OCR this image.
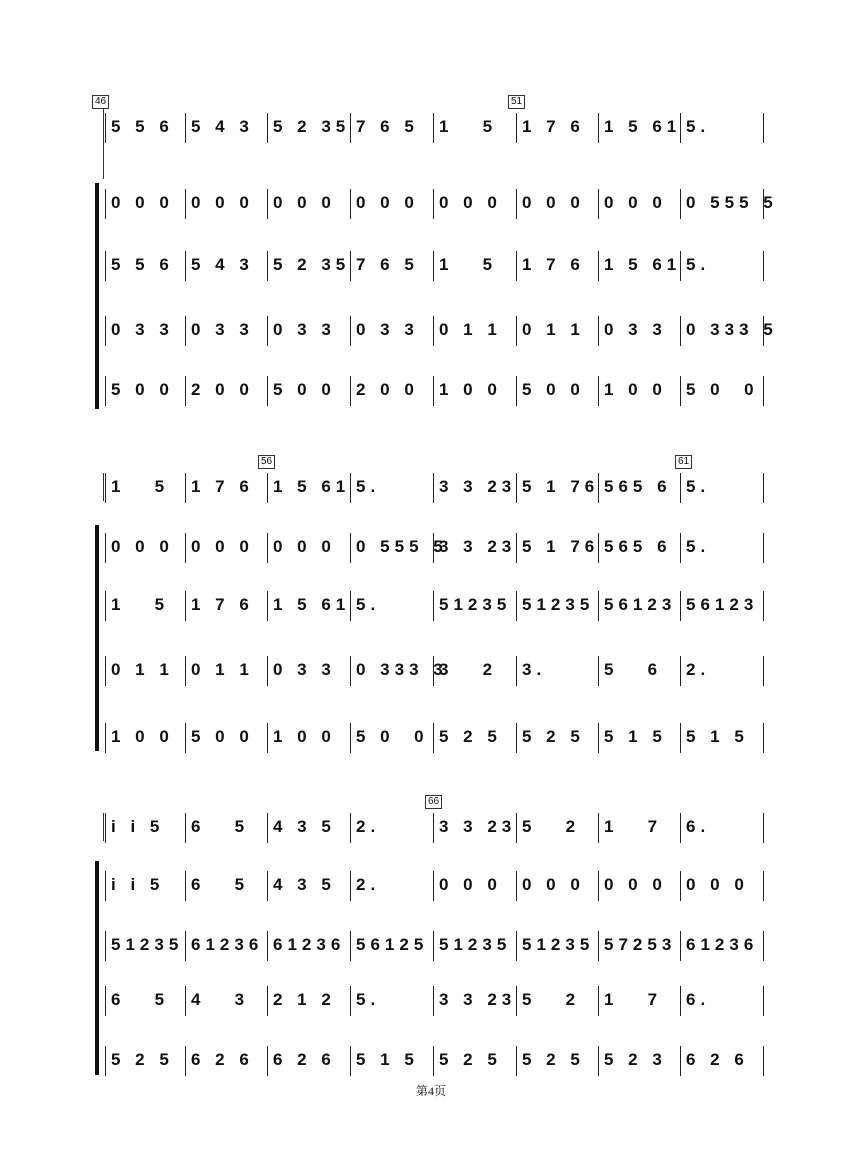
46	51
56	61
66
5 5 6 5 4 3 5 2 35 7 6 5 1   5 1 7 6 1 5 61 5.
0 0 0 0 0 0 0 0 0 0 0 0 0 0 0 0 0 0 0 0 0 0 555 5
5 5 6 5 4 3 5 2 35 7 6 5 1   5 1 7 6 1 5 61 5.
0 3 3 0 3 3 0 3 3 0 3 3 0 1 1 0 1 1 0 3 3 0 333 5
5 0 0 2 0 0 5 0 0 2 0 0 1 0 0 5 0 0 1 0 0 5 0  0
1   5 1 7 6 1 5 61 5.	3 3 23 5 1 76 565 6 5.
0 0 0 0 0 0 0 0 0 0 555 5
3 3 23 5 1 76 565 6 5.
1   5 1 7 6 1 5 61 5.	51235 51235 56123 56123
0 1 1 0 1 1 0 3 3 0 333 3
3   2 3.	5   6 2.
1 0 0 5 0 0 1 0 0 5 0  0 5 2 5 5 2 5 5 1 5 5 1 5
i i 5 6   5 4 3 5 2.	3 3 23 5   2 1   7 6.
i i 5 6   5 4 3 5 2.	0 0 0 0 0 0 0 0 0 0 0 0
51235 61236 61236 56125 51235 51235 57253 61236
6   5 4   3 2 1 2 5.	3 3 23 5   2 1   7 6.
5 2 5 6 2 6 6 2 6 5 1 5 5 2 5 5 2 5 5 2 3 6 2 6
第4页
